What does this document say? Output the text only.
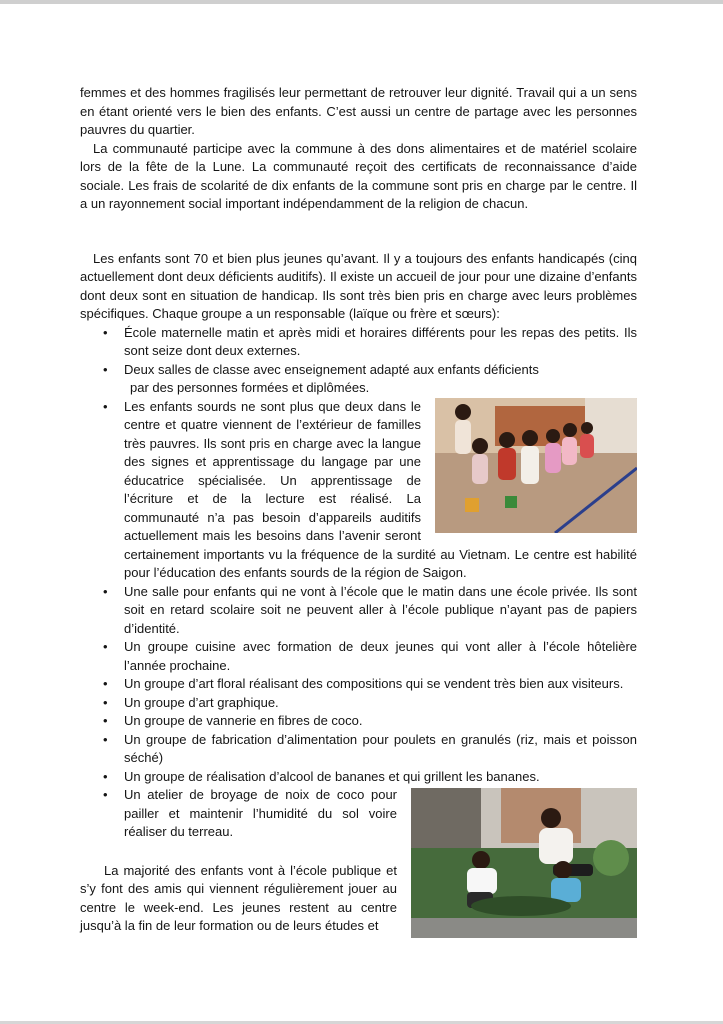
femmes et des hommes fragilisés leur permettant de retrouver leur dignité. Travail qui a un sens en étant orienté vers le bien des enfants. C’est aussi un centre de partage avec les personnes pauvres du quartier.

La communauté participe avec la commune à des dons alimentaires et de matériel scolaire lors de la fête de la Lune. La communauté reçoit des certificats de reconnaissance d’aide sociale. Les frais de scolarité de dix enfants de la commune sont pris en charge par le centre. Il a un rayonnement social important indépendamment de la religion de chacun.

Les enfants sont 70 et bien plus jeunes qu’avant. Il y a toujours des enfants handicapés (cinq actuellement dont deux déficients auditifs). Il existe un accueil de jour pour une dizaine d’enfants dont deux sont en situation de handicap. Ils sont très bien pris en charge avec leurs problèmes spécifiques. Chaque groupe a un responsable (laïque ou frère et sœurs):

• École maternelle matin et après midi et horaires différents pour les repas des petits. Ils sont seize dont deux externes.
• Deux salles de classe avec enseignement adapté aux enfants déficients
par des personnes formées et diplômées.
• Les enfants sourds ne sont plus que deux dans le centre et quatre viennent de l’extérieur de familles très pauvres. Ils sont pris en charge avec la langue des signes et apprentissage du langage par une éducatrice spécialisée. Un apprentissage de l’écriture et de la lecture est réalisé. La communauté n’a pas besoin d’appareils auditifs actuellement mais les besoins dans l’avenir seront certainement importants vu la fréquence de la surdité au Vietnam. Le centre est habilité pour l’éducation des enfants sourds de la région de Saigon.
• Une salle pour enfants qui ne vont à l’école que le matin dans une école privée. Ils sont soit en retard scolaire soit ne peuvent aller à l’école publique n’ayant pas de papiers d’identité.
• Un groupe cuisine avec formation de deux jeunes qui vont aller à l’école hôtelière l’année prochaine.
• Un groupe d’art floral réalisant des compositions qui se vendent très bien aux visiteurs.
• Un groupe d’art graphique.
• Un groupe de vannerie en fibres de coco.
• Un groupe de fabrication d’alimentation pour poulets en granulés (riz, mais et poisson séché)
• Un groupe de réalisation d’alcool de bananes et qui grillent les bananes.
• Un atelier de broyage de noix de coco pour pailler et maintenir l’humidité du sol voire réaliser du terreau.

La majorité des enfants vont à l’école publique et s’y font des amis qui viennent régulièrement jouer au centre le week-end. Les jeunes restent au centre jusqu’à la fin de leur formation ou de leurs études et
